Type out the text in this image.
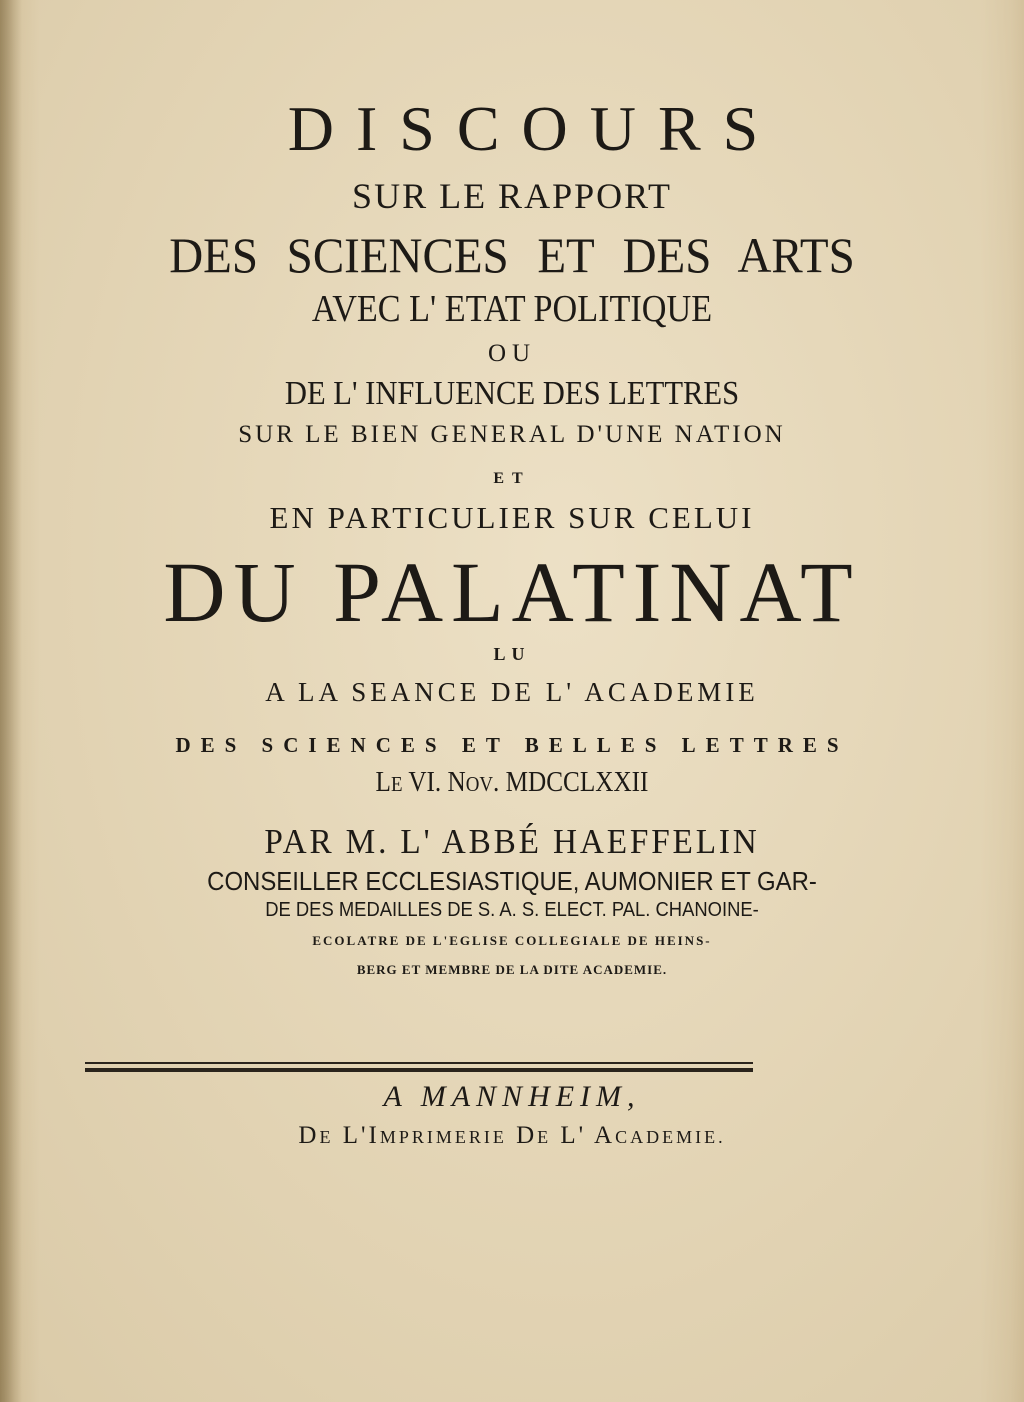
DISCOURS
SUR LE RAPPORT
DES SCIENCES ET DES ARTS
AVEC L' ETAT POLITIQUE
OU
DE L' INFLUENCE DES LETTRES
SUR LE BIEN GENERAL D'UNE NATION
ET
EN PARTICULIER SUR CELUI
DU PALATINAT
LU
A LA SEANCE DE L' ACADEMIE
DES SCIENCES ET BELLES LETTRES
LE VI. NOV. MDCCLXXII
PAR M. L' ABBÉ HAEFFELIN
CONSEILLER ECCLESIASTIQUE, AUMONIER ET GAR-
DE DES MEDAILLES DE S. A. S. ELECT. PAL. CHANOINE-
ECOLATRE DE L'EGLISE COLLEGIALE DE HEINS-
BERG ET MEMBRE DE LA DITE ACADEMIE.
A MANNHEIM,
DE L'IMPRIMERIE DE L' ACADEMIE.
